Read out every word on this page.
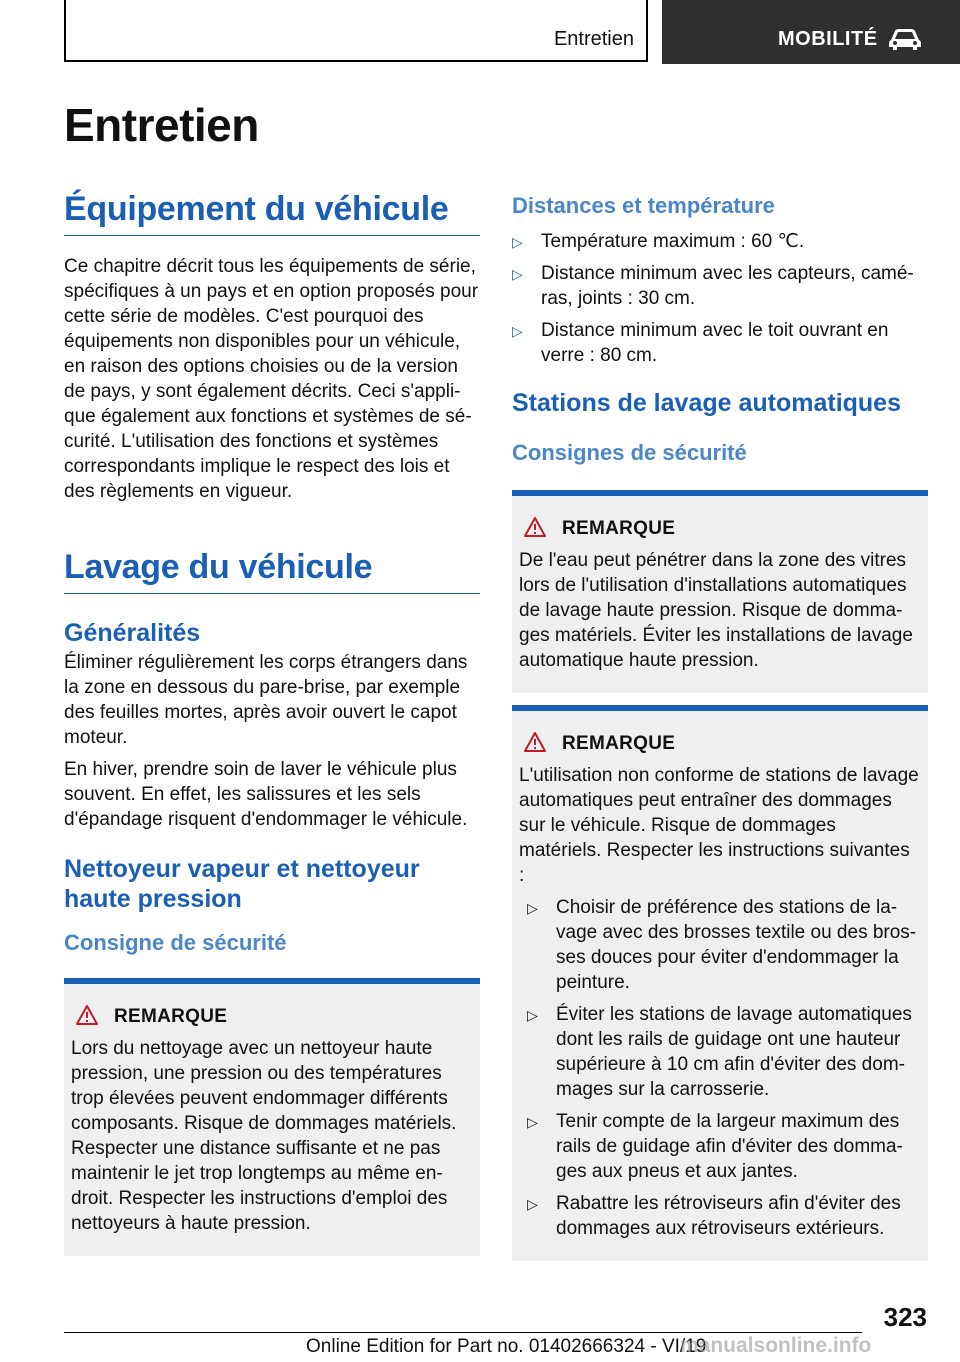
Entretien	MOBILITÉ
Entretien
Équipement du véhicule

Ce chapitre décrit tous les équipements de série, spécifiques à un pays et en option proposés pour cette série de modèles. C'est pourquoi des équipements non disponibles pour un véhicule, en raison des options choisies ou de la version de pays, y sont également décrits. Ceci s'appli-que également aux fonctions et systèmes de sé-curité. L'utilisation des fonctions et systèmes correspondants implique le respect des lois et des règlements en vigueur.

Lavage du véhicule
Généralités

Éliminer régulièrement les corps étrangers dans la zone en dessous du pare-brise, par exemple des feuilles mortes, après avoir ouvert le capot moteur.

En hiver, prendre soin de laver le véhicule plus souvent. En effet, les salissures et les sels d'épandage risquent d'endommager le véhicule.

Nettoyeur vapeur et nettoyeur haute pression
Consigne de sécurité
REMARQUE

Lors du nettoyage avec un nettoyeur haute pression, une pression ou des températures trop élevées peuvent endommager différents composants. Risque de dommages matériels. Respecter une distance suffisante et ne pas maintenir le jet trop longtemps au même en-droit. Respecter les instructions d'emploi des nettoyeurs à haute pression.

Distances et température
▷ Température maximum : 60 ℃.
▷ Distance minimum avec les capteurs, camé-ras, joints : 30 cm.
▷ Distance minimum avec le toit ouvrant en verre : 80 cm.
Stations de lavage automatiques
Consignes de sécurité
REMARQUE

De l'eau peut pénétrer dans la zone des vitres lors de l'utilisation d'installations automatiques de lavage haute pression. Risque de domma-ges matériels. Éviter les installations de lavage automatique haute pression.

REMARQUE

L'utilisation non conforme de stations de lavage automatiques peut entraîner des dommages sur le véhicule. Risque de dommages matériels. Respecter les instructions suivantes :

▷ Choisir de préférence des stations de la-vage avec des brosses textile ou des bros-ses douces pour éviter d'endommager la peinture.
▷ Éviter les stations de lavage automatiques dont les rails de guidage ont une hauteur supérieure à 10 cm afin d'éviter des dom-mages sur la carrosserie.
▷ Tenir compte de la largeur maximum des rails de guidage afin d'éviter des domma-ges aux pneus et aux jantes.
▷ Rabattre les rétroviseurs afin d'éviter des dommages aux rétroviseurs extérieurs.
323
Online Edition for Part no. 01402666324 - VI/19
manualsonline.info
